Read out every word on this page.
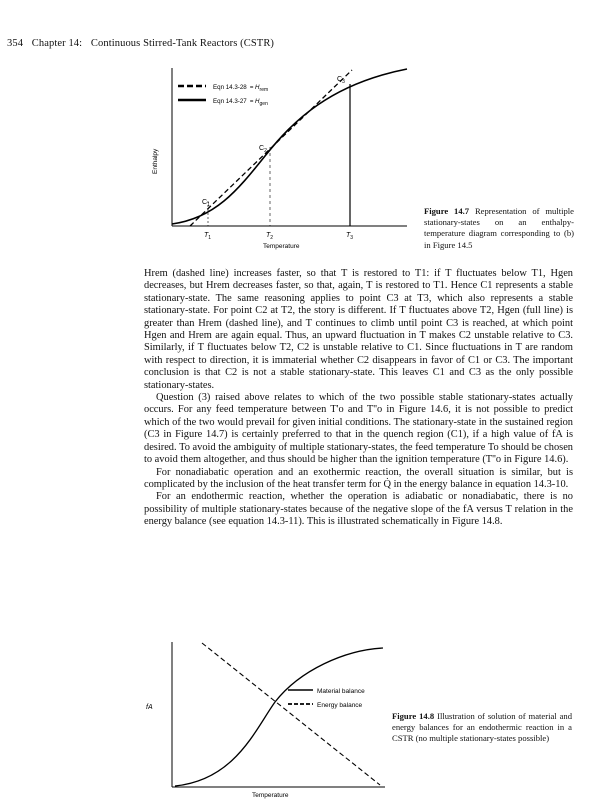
354 Chapter 14: Continuous Stirred-Tank Reactors (CSTR)
Eqn $14.3-28 = H_{rem}$
Eqn $14.3-27 = H_{gen}$
$C_1$
$C_2$
$C_3$
$T_1$	$T_2$	$T_3$
Temperature
Enthalpy
Figure 14.7 Representation of multiple stationary-states on an enthalpy-temperature diagram corresponding to (b) in Figure 14.5

Hrem (dashed line) increases faster, so that T is restored to T1: if T fluctuates below T1, Hgen decreases, but Hrem decreases faster, so that, again, T is restored to T1. Hence C1 represents a stable stationary-state. The same reasoning applies to point C3 at T3, which also represents a stable stationary-state. For point C2 at T2, the story is different. If T fluctuates above T2, Hgen (full line) is greater than Hrem (dashed line), and T continues to climb until point C3 is reached, at which point Hgen and Hrem are again equal. Thus, an upward fluctuation in T makes C2 unstable relative to C3. Similarly, if T fluctuates below T2, C2 is unstable relative to C1. Since fluctuations in T are random with respect to direction, it is immaterial whether C2 disappears in favor of C1 or C3. The important conclusion is that C2 is not a stable stationary-state. This leaves C1 and C3 as the only possible stationary-states.

Question (3) raised above relates to which of the two possible stable stationary-states actually occurs. For any feed temperature between T'o and T''o in Figure 14.6, it is not possible to predict which of the two would prevail for given initial conditions. The stationary-state in the sustained region (C3 in Figure 14.7) is certainly preferred to that in the quench region (C1), if a high value of fA is desired. To avoid the ambiguity of multiple stationary-states, the feed temperature To should be chosen to avoid them altogether, and thus should be higher than the ignition temperature (T''o in Figure 14.6).

For nonadiabatic operation and an exothermic reaction, the overall situation is similar, but is complicated by the inclusion of the heat transfer term for Q̇ in the energy balance in equation 14.3-10.

For an endothermic reaction, whether the operation is adiabatic or nonadiabatic, there is no possibility of multiple stationary-states because of the negative slope of the fA versus T relation in the energy balance (see equation 14.3-11). This is illustrated schematically in Figure 14.8.

Material balance
Energy balance
Temperature
fA
Figure 14.8 Illustration of solution of material and energy balances for an endothermic reaction in a CSTR (no multiple stationary-states possible)
